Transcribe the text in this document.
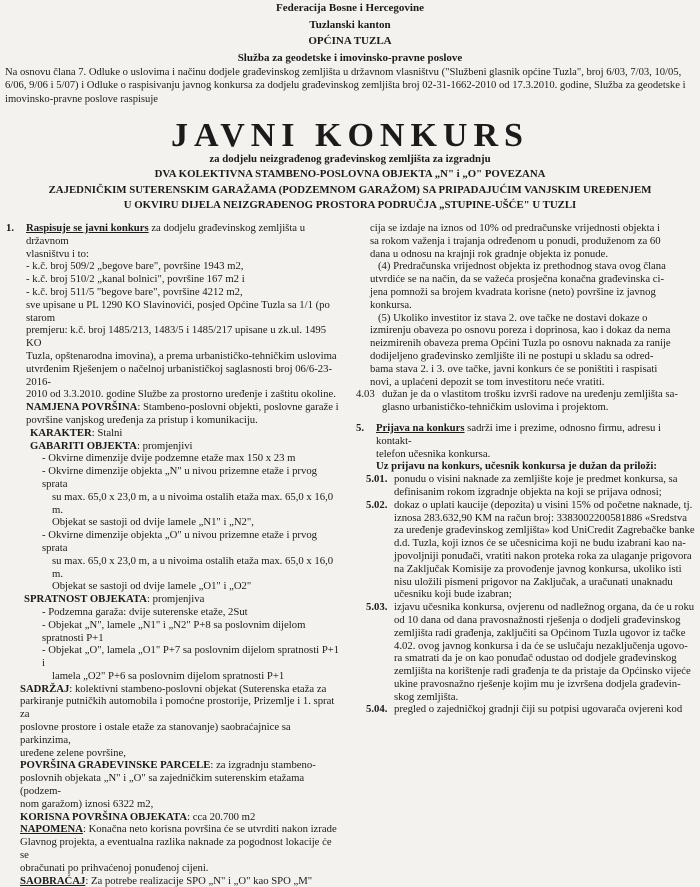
Federacija Bosne i Hercegovine
Tuzlanski kanton
OPĆINA TUZLA
Služba za geodetske i imovinsko-pravne poslove
Na osnovu člana 7. Odluke o uslovima i načinu dodjele građevinskog zemljišta u državnom vlasništvu ("Službeni glasnik općine Tuzla", broj 6/03, 7/03, 10/05, 6/06, 9/06 i 5/07) i Odluke o raspisivanju javnog konkursa za dodjelu građevinskog zemljišta broj 02-31-1662-2010 od 17.3.2010. godine, Služba za geodetske i imovinsko-pravne poslove raspisuje
JAVNI KONKURS
za dodjelu neizgrađenog građevinskog zemljišta za izgradnju
DVA KOLEKTIVNA STAMBENO-POSLOVNA OBJEKTA „N" i „O" POVEZANA
ZAJEDNIČKIM SUTERENSKIM GARAŽAMA (PODZEMNOM GARAŽOM) SA PRIPADAJUĆIM VANJSKIM UREĐENJEM
U OKVIRU DIJELA NEIZGRAĐENOG PROSTORA PODRUČJA „STUPINE-UŠĆE" U TUZLI
1.	Raspisuje se javni konkurs za dodjelu građevinskog zemljišta u državnom
vlasništvu i to:
- k.č. broj 509/2 „begove bare", površine 1943 m2,
- k.č. broj 510/2 „kanal bolnici", površine 167 m2 i
- k.č. broj 511/5 "begove bare", površine 4212 m2,
sve upisane u PL 1290 KO Slavinovići, posjed Općine Tuzla sa 1/1 (po starom
premjeru: k.č. broj 1485/213, 1483/5 i 1485/217 upisane u zk.ul. 1495 KO
Tuzla, opštenarodna imovina), a prema urbanističko-tehničkim uslovima
utvrđenim Rješenjem o načelnoj urbanističkoj saglasnosti broj 06/6-23-2016-
2010 od 3.3.2010. godine Službe za prostorno uređenje i zaštitu okoline.
NAMJENA POVRŠINA: Stambeno-poslovni objekti, poslovne garaže i
površine vanjskog uređenja za pristup i komunikaciju.
KARAKTER: Stalni
GABARITI OBJEKTA: promjenjivi
- Okvirne dimenzije dvije podzemne etaže max 150 x 23 m
- Okvirne dimenzije objekta „N" u nivou prizemne etaže i prvog sprata
su max. 65,0 x 23,0 m, a u nivoima ostalih etaža max. 65,0 x 16,0 m.
Objekat se sastoji od dvije lamele „N1" i „N2",
- Okvirne dimenzije objekta „O" u nivou prizemne etaže i prvog sprata
su max. 65,0 x 23,0 m, a u nivoima ostalih etaža max. 65,0 x 16,0 m.
Objekat se sastoji od dvije lamele „O1" i „O2"
SPRATNOST OBJEKATA: promjenjiva
- Podzemna garaža: dvije suterenske etaže, 2Sut
- Objekat „N", lamele „N1" i „N2" P+8 sa poslovnim dijelom spratnosti P+1
- Objekat „O", lamela „O1" P+7 sa poslovnim dijelom spratnosti P+1 i
lamela „O2" P+6 sa poslovnim dijelom spratnosti P+1
SADRŽAJ: kolektivni stambeno-poslovni objekat (Suterenska etaža za
parkiranje putničkih automobila i pomoćne prostorije, Prizemlje i 1. sprat za
poslovne prostore i ostale etaže za stanovanje) saobraćajnice sa parkinzima,
uređene zelene površine,
POVRŠINA GRAĐEVINSKE PARCELE: za izgradnju stambeno-
poslovnih objekata „N" i „O" sa zajedničkim suterenskim etažama (podzem-
nom garažom) iznosi 6322 m2,
KORISNA POVRŠINA OBJEKATA: cca 20.700 m2
NAPOMENA: Konačna neto korisna površina će se utvrditi nakon izrade
Glavnog projekta, a eventualna razlika naknade za pogodnost lokacije će se
obračunati po prihvaćenoj ponuđenoj cijeni.
SAOBRAĆAJ: Za potrebe realizacije SPO „N" i „O" kao SPO „M"
cija se izdaje na iznos od 10% od predračunske vrijednosti objekta i
sa rokom važenja i trajanja određenom u ponudi, produženom za 60
dana u odnosu na krajnji rok gradnje objekta iz ponude.
(4) Predračunska vrijednost objekta iz prethodnog stava ovog člana
utvrdiće se na način, da se važeća prosječna konačna građevinska ci-
jena pomnoži sa brojem kvadrata korisne (neto) površine iz javnog
konkursa.
(5) Ukoliko investitor iz stava 2. ove tačke ne dostavi dokaze o
izmirenju obaveza po osnovu poreza i doprinosa, kao i dokaz da nema
neizmirenih obaveza prema Općini Tuzla po osnovu naknada za ranije
dodijeljeno građevinsko zemljište ili ne postupi u skladu sa odred-
bama stava 2. i 3. ove tačke, javni konkurs će se poništiti i raspisati
novi, a uplaćeni depozit se tom investitoru neće vratiti.
4.03 dužan je da o vlastitom trošku izvrši radove na uređenju zemljišta sa-
glasno urbanističko-tehničkim uslovima i projektom.
5.	Prijava na konkurs sadrži ime i prezime, odnosno firmu, adresu i kontakt-
telefon učesnika konkursa.
Uz prijavu na konkurs, učesnik konkursa je dužan da priloži:
5.01. ponudu o visini naknade za zemljište koje je predmet konkursa, sa
definisanim rokom izgradnje objekta na koji se prijava odnosi;
5.02. dokaz o uplati kaucije (depozita) u visini 15% od početne naknade, tj.
iznosa 283.632,90 KM na račun broj: 3383002200581886 «Sredstva
za uređenje građevinskog zemljišta» kod UniCredit Zagrebačke banke
d.d. Tuzla, koji iznos će se učesnicima koji ne budu izabrani kao na-
jpovoljniji ponuđači, vratiti nakon proteka roka za ulaganje prigovora
na Zaključak Komisije za provođenje javnog konkursa, ukoliko isti
nisu uložili pismeni prigovor na Zaključak, a uračunati unaknadu
učesniku koji bude izabran;
5.03. izjavu učesnika konkursa, ovjerenu od nadležnog organa, da će u roku
od 10 dana od dana pravosnažnosti rješenja o dodjeli građevinskog
zemljišta radi građenja, zaključiti sa Općinom Tuzla ugovor iz tačke
4.02. ovog javnog konkursa i da će se uslučaju nezaključenja ugovo-
ra smatrati da je on kao ponuđač odustao od dodjele građevinskog
zemljišta na korištenje radi građenja te da pristaje da Općinsko vijeće
ukine pravosnažno rješenje kojim mu je izvršena dodjela građevin-
skog zemljišta.
5.04. pregled o zajedničkoj gradnji čiji su potpisi ugovarača ovjereni kod
